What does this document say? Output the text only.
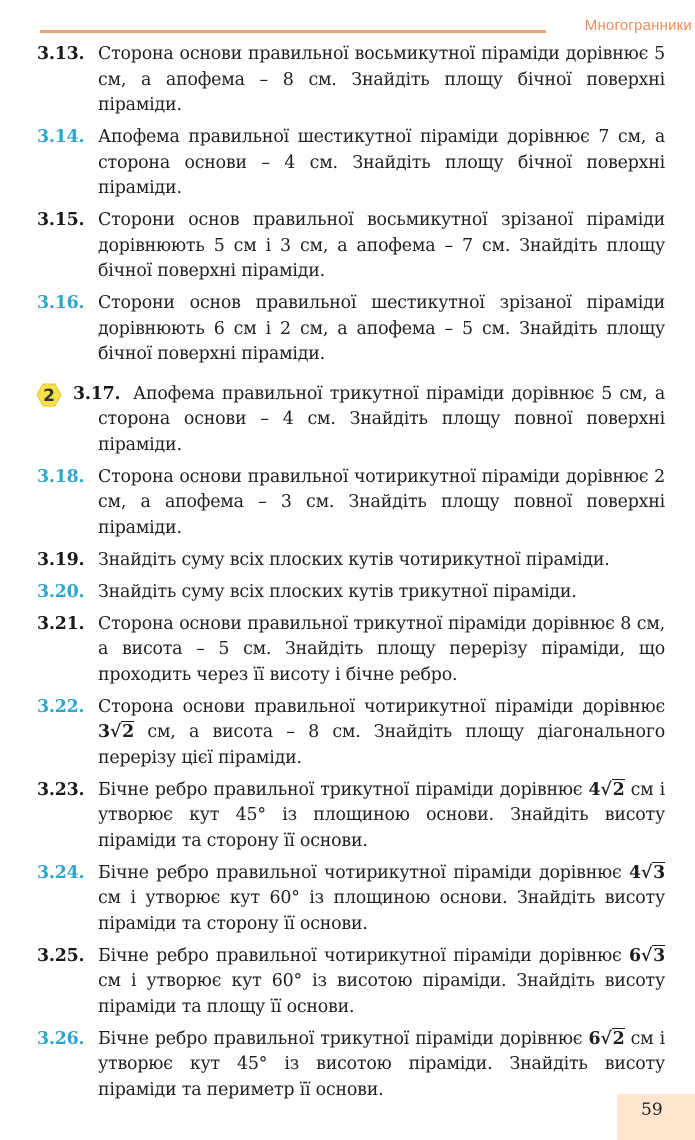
Многогранники
3.13. Сторона основи правильної восьмикутної піраміди дорівнює 5 см, а апофема – 8 см. Знайдіть площу бічної поверхні піраміди.
3.14. Апофема правильної шестикутної піраміди дорівнює 7 см, а сторона основи – 4 см. Знайдіть площу бічної поверхні піраміди.
3.15. Сторони основ правильної восьмикутної зрізаної піраміди дорівнюють 5 см і 3 см, а апофема – 7 см. Знайдіть площу бічної поверхні піраміди.
3.16. Сторони основ правильної шестикутної зрізаної піраміди дорівнюють 6 см і 2 см, а апофема – 5 см. Знайдіть площу бічної поверхні піраміди.
2 3.17. Апофема правильної трикутної піраміди дорівнює 5 см, а сторона основи – 4 см. Знайдіть площу повної поверхні піраміди.
3.18. Сторона основи правильної чотирикутної піраміди дорівнює 2 см, а апофема – 3 см. Знайдіть площу повної поверхні піраміди.
3.19. Знайдіть суму всіх плоских кутів чотирикутної піраміди.
3.20. Знайдіть суму всіх плоских кутів трикутної піраміди.
3.21. Сторона основи правильної трикутної піраміди дорівнює 8 см, а висота – 5 см. Знайдіть площу перерізу піраміди, що проходить через її висоту і бічне ребро.
3.22. Сторона основи правильної чотирикутної піраміди дорівнює 3√2 см, а висота – 8 см. Знайдіть площу діагонального перерізу цієї піраміди.
3.23. Бічне ребро правильної трикутної піраміди дорівнює 4√2 см і утворює кут 45° із площиною основи. Знайдіть висоту піраміди та сторону її основи.
3.24. Бічне ребро правильної чотирикутної піраміди дорівнює 4√3 см і утворює кут 60° із площиною основи. Знайдіть висоту піраміди та сторону її основи.
3.25. Бічне ребро правильної чотирикутної піраміди дорівнює 6√3 см і утворює кут 60° із висотою піраміди. Знайдіть висоту піраміди та площу її основи.
3.26. Бічне ребро правильної трикутної піраміди дорівнює 6√2 см і утворює кут 45° із висотою піраміди. Знайдіть висоту піраміди та периметр її основи.
59
